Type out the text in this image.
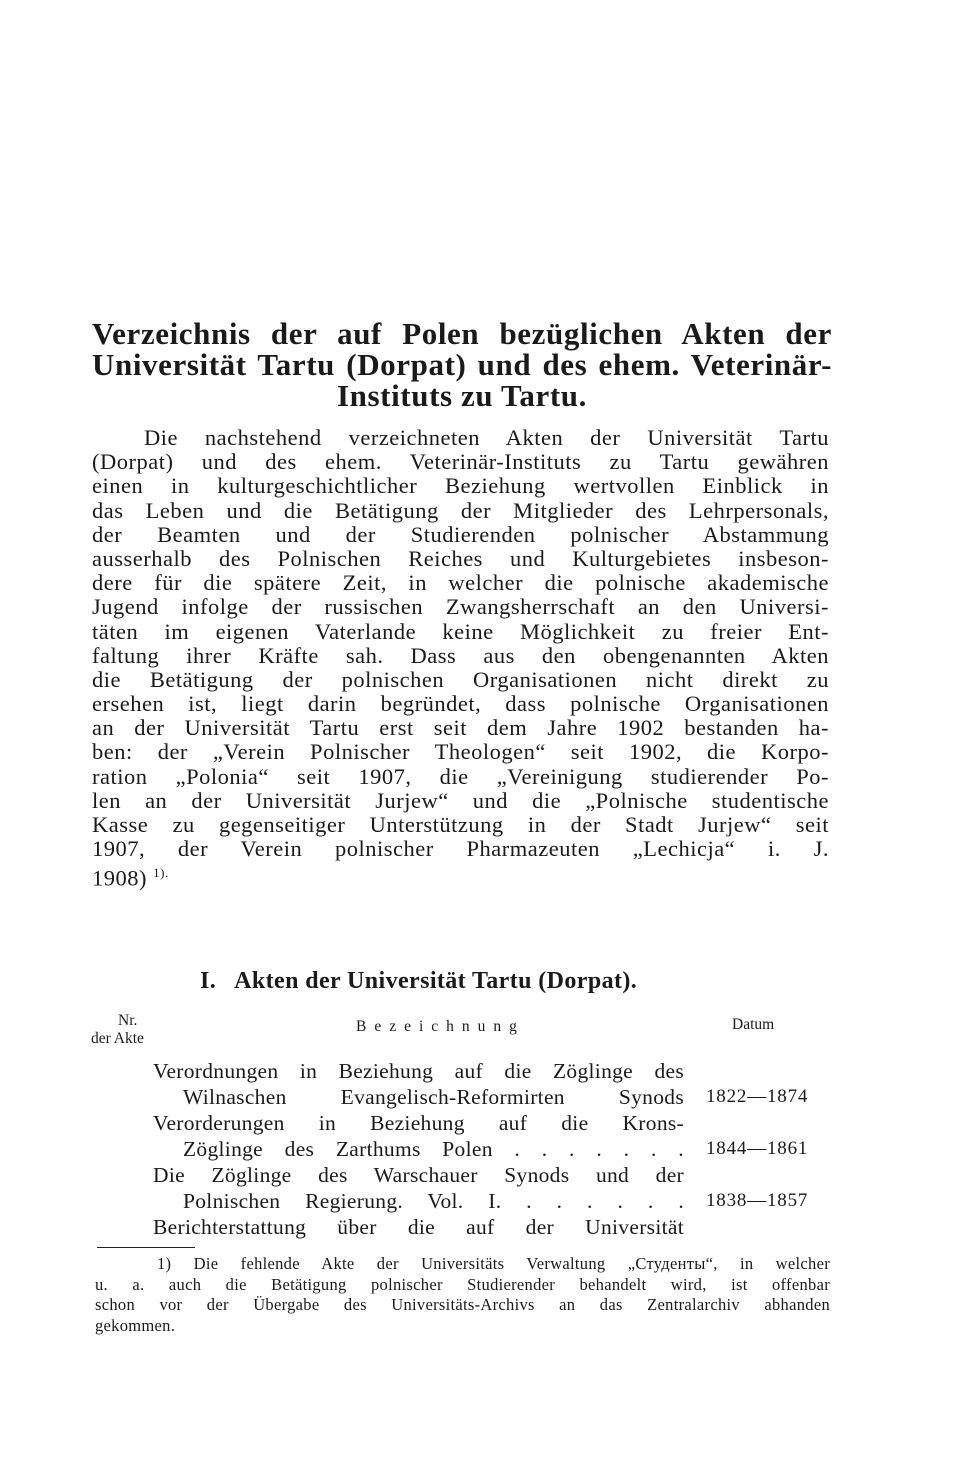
Verzeichnis der auf Polen bezüglichen Akten der
Universität Tartu (Dorpat) und des ehem. Veterinär-
Instituts zu Tartu.
Die nachstehend verzeichneten Akten der Universität Tartu
(Dorpat) und des ehem. Veterinär-Instituts zu Tartu gewähren
einen in kulturgeschichtlicher Beziehung wertvollen Einblick in
das Leben und die Betätigung der Mitglieder des Lehrpersonals,
der Beamten und der Studierenden polnischer Abstammung
ausserhalb des Polnischen Reiches und Kulturgebietes insbeson-
dere für die spätere Zeit, in welcher die polnische akademische
Jugend infolge der russischen Zwangsherrschaft an den Universi-
täten im eigenen Vaterlande keine Möglichkeit zu freier Ent-
faltung ihrer Kräfte sah. Dass aus den obengenannten Akten
die Betätigung der polnischen Organisationen nicht direkt zu
ersehen ist, liegt darin begründet, dass polnische Organisationen
an der Universität Tartu erst seit dem Jahre 1902 bestanden ha-
ben: der „Verein Polnischer Theologen“ seit 1902, die Korpo-
ration „Polonia“ seit 1907, die „Vereinigung studierender Po-
len an der Universität Jurjew“ und die „Polnische studentische
Kasse zu gegenseitiger Unterstützung in der Stadt Jurjew“ seit
1907, der Verein polnischer Pharmazeuten „Lechicja“ i. J.
1908) $^{1).}$
I. Akten der Universität Tartu (Dorpat).
Nr.
der Akte
Bezeichnung	Datum
Verordnungen in Beziehung auf die Zöglinge des
Wilnaschen Evangelisch-Reformirten Synods 1822—1874
Verorderungen in Beziehung auf die Krons-
Zöglinge des Zarthums Polen . . . . . . . 1844—1861
Die Zöglinge des Warschauer Synods und der
Polnischen Regierung. Vol. I. . . . . . . 1838—1857
Berichterstattung über die auf der Universität
1) Die fehlende Akte der Universitäts Verwaltung „Студенты“, in welcher
u. a. auch die Betätigung polnischer Studierender behandelt wird, ist offenbar
schon vor der Übergabe des Universitäts-Archivs an das Zentralarchiv abhanden
gekommen.
